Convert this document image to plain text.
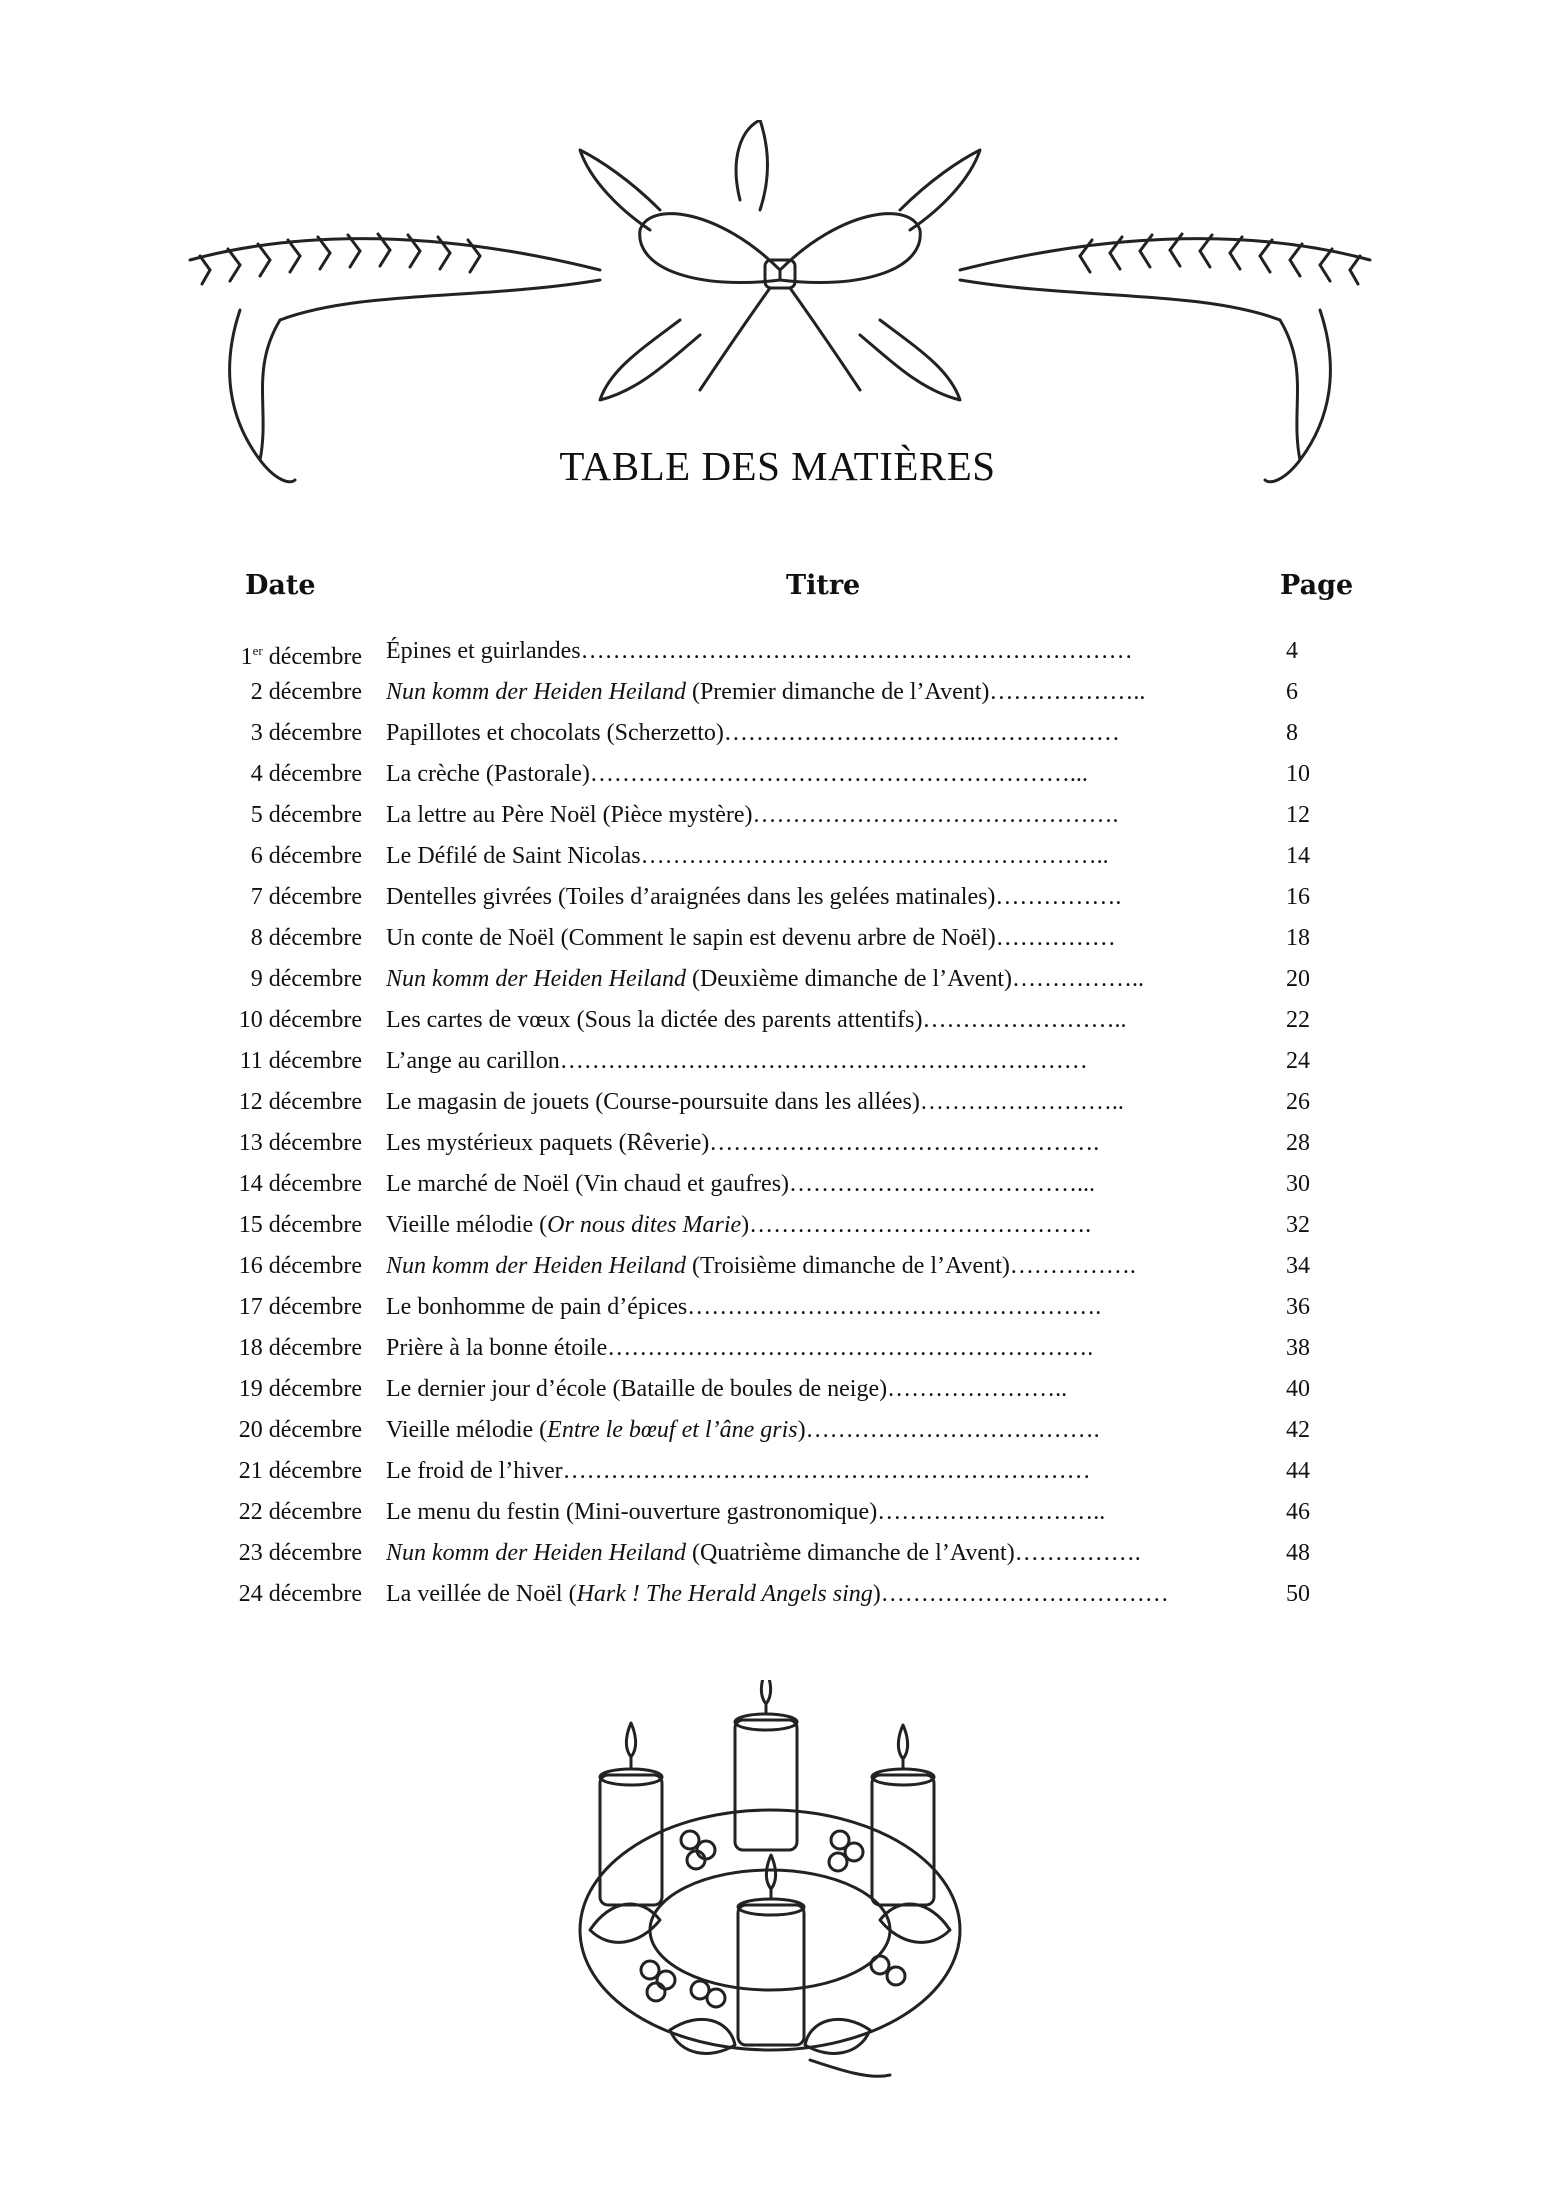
TABLE DES MATIÈRES
Date	Titre	Page
1er décembre Épines et guirlandes……………………………………………………………	4
2 décembre Nun komm der Heiden Heiland (Premier dimanche de l’Avent)………………..	6
3 décembre Papillotes et chocolats (Scherzetto)…………………………..………………	8
4 décembre La crèche (Pastorale)……………………………………………………...	10
5 décembre La lettre au Père Noël (Pièce mystère)……………………………………….	12
6 décembre Le Défilé de Saint Nicolas…………………………………………………..	14
7 décembre Dentelles givrées (Toiles d’araignées dans les gelées matinales)…………….	16
8 décembre Un conte de Noël (Comment le sapin est devenu arbre de Noël)……………	18
9 décembre Nun komm der Heiden Heiland (Deuxième dimanche de l’Avent)……………..	20
10 décembre Les cartes de vœux (Sous la dictée des parents attentifs)……………………..	22
11 décembre L’ange au carillon…………………………………………………………	24
12 décembre Le magasin de jouets (Course-poursuite dans les allées)……………………..	26
13 décembre Les mystérieux paquets (Rêverie)………………………………………….	28
14 décembre Le marché de Noël (Vin chaud et gaufres)………………………………...	30
15 décembre Vieille mélodie (Or nous dites Marie)…………………………………….	32
16 décembre Nun komm der Heiden Heiland (Troisième dimanche de l’Avent)…………….	34
17 décembre Le bonhomme de pain d’épices…………………………………………….	36
18 décembre Prière à la bonne étoile…………………………………………………….	38
19 décembre Le dernier jour d’école (Bataille de boules de neige)…………………..	40
20 décembre Vieille mélodie (Entre le bœuf et l’âne gris)……………………………….	42
21 décembre Le froid de l’hiver…………………………………………………………	44
22 décembre Le menu du festin (Mini-ouverture gastronomique)………………………..	46
23 décembre Nun komm der Heiden Heiland (Quatrième dimanche de l’Avent)…………….	48
24 décembre La veillée de Noël (Hark ! The Herald Angels sing)………………………………	50
